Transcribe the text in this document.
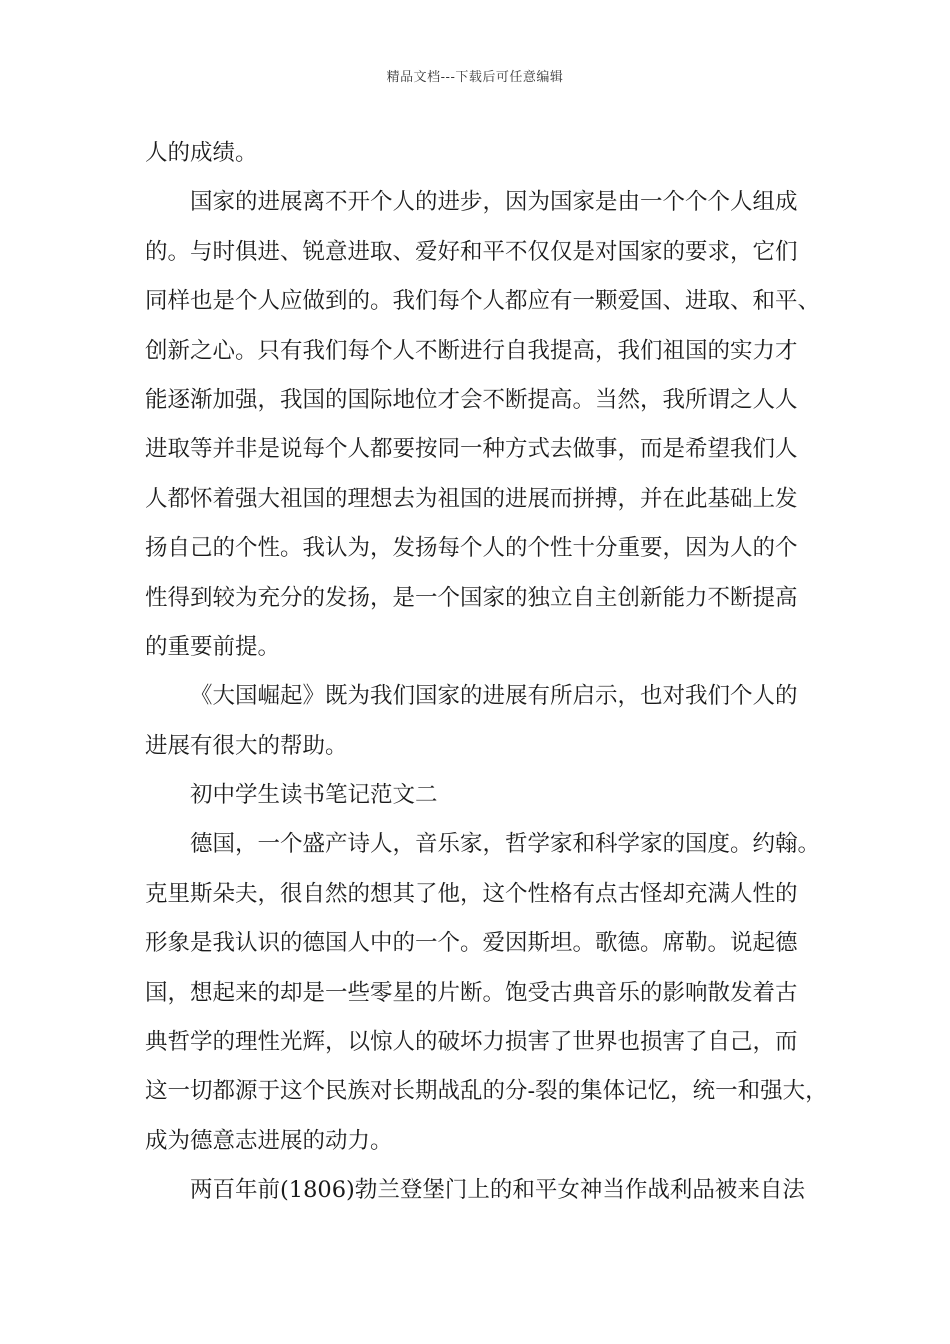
精品文档---下载后可任意编辑
人的成绩。
国家的进展离不开个人的进步，因为国家是由一个个个人组成
的。与时俱进、锐意进取、爱好和平不仅仅是对国家的要求，它们
同样也是个人应做到的。我们每个人都应有一颗爱国、进取、和平、
创新之心。只有我们每个人不断进行自我提高，我们祖国的实力才
能逐渐加强，我国的国际地位才会不断提高。当然，我所谓之人人
进取等并非是说每个人都要按同一种方式去做事，而是希望我们人
人都怀着强大祖国的理想去为祖国的进展而拼搏，并在此基础上发
扬自己的个性。我认为，发扬每个人的个性十分重要，因为人的个
性得到较为充分的发扬，是一个国家的独立自主创新能力不断提高
的重要前提。
《大国崛起》既为我们国家的进展有所启示，也对我们个人的
进展有很大的帮助。
初中学生读书笔记范文二
德国，一个盛产诗人，音乐家，哲学家和科学家的国度。约翰。
克里斯朵夫，很自然的想其了他，这个性格有点古怪却充满人性的
形象是我认识的德国人中的一个。爱因斯坦。歌德。席勒。说起德
国，想起来的却是一些零星的片断。饱受古典音乐的影响散发着古
典哲学的理性光辉，以惊人的破坏力损害了世界也损害了自己，而
这一切都源于这个民族对长期战乱的分-裂的集体记忆，统一和强大，
成为德意志进展的动力。
两百年前(1806)勃兰登堡门上的和平女神当作战利品被来自法
